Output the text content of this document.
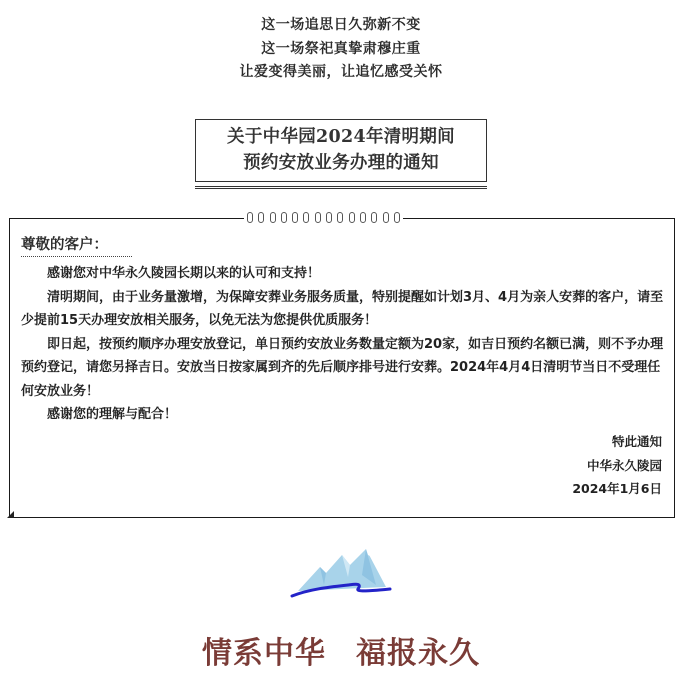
这一场追思日久弥新不变
这一场祭祀真挚肃穆庄重
让爱变得美丽，让追忆感受关怀
关于中华园2024年清明期间
预约安放业务办理的通知
尊敬的客户：

感谢您对中华永久陵园长期以来的认可和支持！

清明期间，由于业务量激增，为保障安葬业务服务质量，特别提醒如计划3月、4月为亲人安葬的客户，请至少提前15天办理安放相关服务，以免无法为您提供优质服务！

即日起，按预约顺序办理安放登记，单日预约安放业务数量定额为20家，如吉日预约名额已满，则不予办理预约登记，请您另择吉日。安放当日按家属到齐的先后顺序排号进行安葬。2024年4月4日清明节当日不受理任何安放业务！

感谢您的理解与配合！

特此通知
中华永久陵园
2024年1月6日
情系中华 福报永久
